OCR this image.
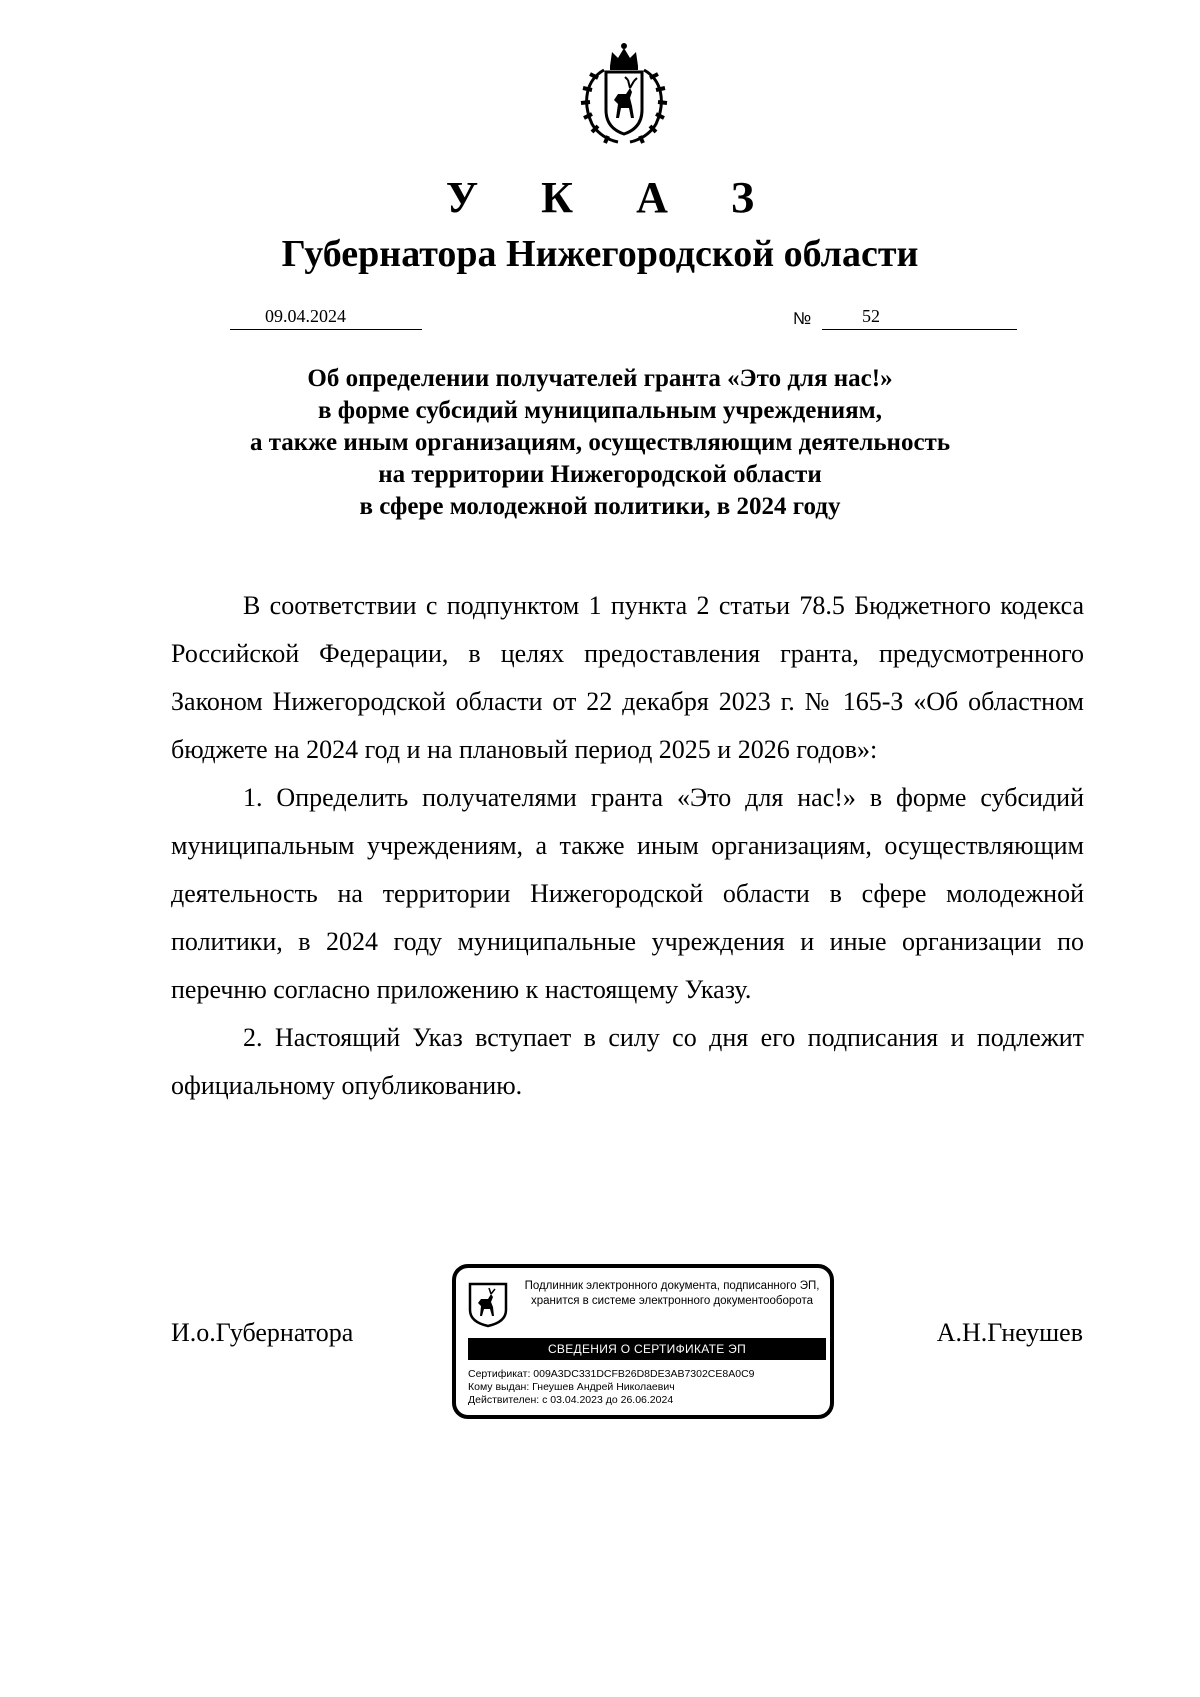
У К А З
Губернатора Нижегородской области
09.04.2024	№	52
Об определении получателей гранта «Это для нас!»
в форме субсидий муниципальным учреждениям,
а также иным организациям, осуществляющим деятельность
на территории Нижегородской области
в сфере молодежной политики, в 2024 году

В соответствии с подпунктом 1 пункта 2 статьи 78.5 Бюджетного кодекса Российской Федерации, в целях предоставления гранта, предусмотренного Законом Нижегородской области от 22 декабря 2023 г. № 165-З «Об областном бюджете на 2024 год и на плановый период 2025 и 2026 годов»:

1. Определить получателями гранта «Это для нас!» в форме субсидий муниципальным учреждениям, а также иным организациям, осуществляющим деятельность на территории Нижегородской области в сфере молодежной политики, в 2024 году муниципальные учреждения и иные организации по перечню согласно приложению к настоящему Указу.

2. Настоящий Указ вступает в силу со дня его подписания и подлежит официальному опубликованию.

И.о.Губернатора
Подлинник электронного документа, подписанного ЭП,
хранится в системе электронного документооборота
СВЕДЕНИЯ О СЕРТИФИКАТЕ ЭП
Сертификат: 009A3DC331DCFB26D8DE3AB7302CE8A0C9
Кому выдан: Гнеушев Андрей Николаевич
Действителен: с 03.04.2023 до 26.06.2024
А.Н.Гнеушев
